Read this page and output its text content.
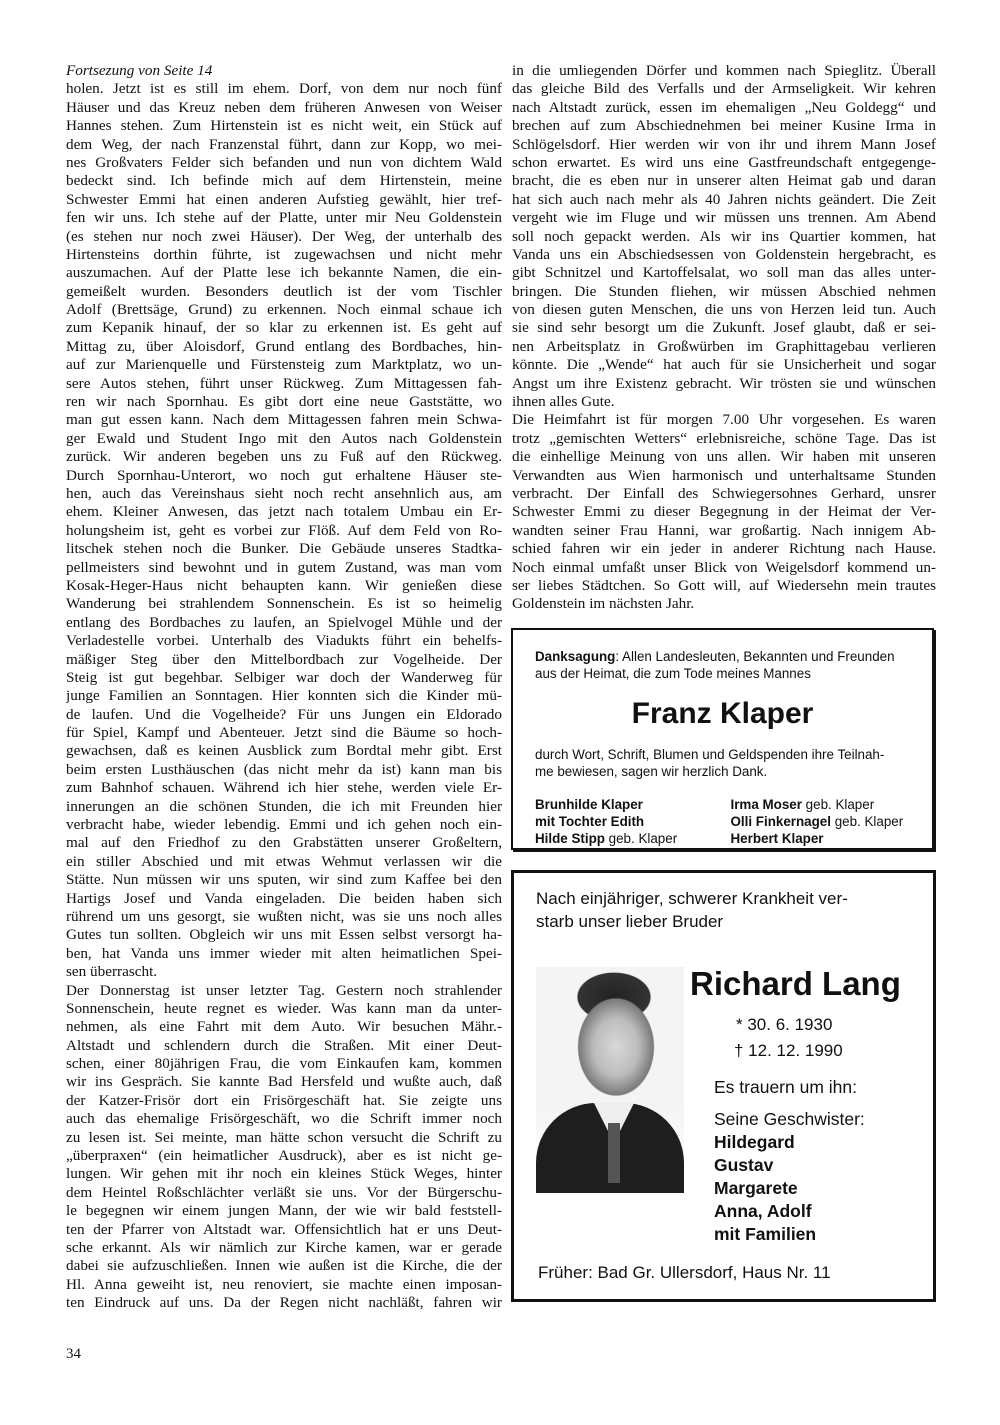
Fortsezung von Seite 14
holen. Jetzt ist es still im ehem. Dorf, von dem nur noch fünf
Häuser und das Kreuz neben dem früheren Anwesen von Weiser
Hannes stehen. Zum Hirtenstein ist es nicht weit, ein Stück auf
dem Weg, der nach Franzenstal führt, dann zur Kopp, wo mei-
nes Großvaters Felder sich befanden und nun von dichtem Wald
bedeckt sind. Ich befinde mich auf dem Hirtenstein, meine
Schwester Emmi hat einen anderen Aufstieg gewählt, hier tref-
fen wir uns. Ich stehe auf der Platte, unter mir Neu Goldenstein
(es stehen nur noch zwei Häuser). Der Weg, der unterhalb des
Hirtensteins dorthin führte, ist zugewachsen und nicht mehr
auszumachen. Auf der Platte lese ich bekannte Namen, die ein-
gemeißelt wurden. Besonders deutlich ist der vom Tischler
Adolf (Brettsäge, Grund) zu erkennen. Noch einmal schaue ich
zum Kepanik hinauf, der so klar zu erkennen ist. Es geht auf
Mittag zu, über Aloisdorf, Grund entlang des Bordbaches, hin-
auf zur Marienquelle und Fürstensteig zum Marktplatz, wo un-
sere Autos stehen, führt unser Rückweg. Zum Mittagessen fah-
ren wir nach Spornhau. Es gibt dort eine neue Gaststätte, wo
man gut essen kann. Nach dem Mittagessen fahren mein Schwa-
ger Ewald und Student Ingo mit den Autos nach Goldenstein
zurück. Wir anderen begeben uns zu Fuß auf den Rückweg.
Durch Spornhau-Unterort, wo noch gut erhaltene Häuser ste-
hen, auch das Vereinshaus sieht noch recht ansehnlich aus, am
ehem. Kleiner Anwesen, das jetzt nach totalem Umbau ein Er-
holungsheim ist, geht es vorbei zur Flöß. Auf dem Feld von Ro-
litschek stehen noch die Bunker. Die Gebäude unseres Stadtka-
pellmeisters sind bewohnt und in gutem Zustand, was man vom
Kosak-Heger-Haus nicht behaupten kann. Wir genießen diese
Wanderung bei strahlendem Sonnenschein. Es ist so heimelig
entlang des Bordbaches zu laufen, an Spielvogel Mühle und der
Verladestelle vorbei. Unterhalb des Viadukts führt ein behelfs-
mäßiger Steg über den Mittelbordbach zur Vogelheide. Der
Steig ist gut begehbar. Selbiger war doch der Wanderweg für
junge Familien an Sonntagen. Hier konnten sich die Kinder mü-
de laufen. Und die Vogelheide? Für uns Jungen ein Eldorado
für Spiel, Kampf und Abenteuer. Jetzt sind die Bäume so hoch-
gewachsen, daß es keinen Ausblick zum Bordtal mehr gibt. Erst
beim ersten Lusthäuschen (das nicht mehr da ist) kann man bis
zum Bahnhof schauen. Während ich hier stehe, werden viele Er-
innerungen an die schönen Stunden, die ich mit Freunden hier
verbracht habe, wieder lebendig. Emmi und ich gehen noch ein-
mal auf den Friedhof zu den Grabstätten unserer Großeltern,
ein stiller Abschied und mit etwas Wehmut verlassen wir die
Stätte. Nun müssen wir uns sputen, wir sind zum Kaffee bei den
Hartigs Josef und Vanda eingeladen. Die beiden haben sich
rührend um uns gesorgt, sie wußten nicht, was sie uns noch alles
Gutes tun sollten. Obgleich wir uns mit Essen selbst versorgt ha-
ben, hat Vanda uns immer wieder mit alten heimatlichen Spei-
sen überrascht.
Der Donnerstag ist unser letzter Tag. Gestern noch strahlender
Sonnenschein, heute regnet es wieder. Was kann man da unter-
nehmen, als eine Fahrt mit dem Auto. Wir besuchen Mähr.-
Altstadt und schlendern durch die Straßen. Mit einer Deut-
schen, einer 80jährigen Frau, die vom Einkaufen kam, kommen
wir ins Gespräch. Sie kannte Bad Hersfeld und wußte auch, daß
der Katzer-Frisör dort ein Frisörgeschäft hat. Sie zeigte uns
auch das ehemalige Frisörgeschäft, wo die Schrift immer noch
zu lesen ist. Sei meinte, man hätte schon versucht die Schrift zu
„überpraxen“ (ein heimatlicher Ausdruck), aber es ist nicht ge-
lungen. Wir gehen mit ihr noch ein kleines Stück Weges, hinter
dem Heintel Roßschlächter verläßt sie uns. Vor der Bürgerschu-
le begegnen wir einem jungen Mann, der wie wir bald feststell-
ten der Pfarrer von Altstadt war. Offensichtlich hat er uns Deut-
sche erkannt. Als wir nämlich zur Kirche kamen, war er gerade
dabei sie aufzuschließen. Innen wie außen ist die Kirche, die der
Hl. Anna geweiht ist, neu renoviert, sie machte einen imposan-
ten Eindruck auf uns. Da der Regen nicht nachläßt, fahren wir
in die umliegenden Dörfer und kommen nach Spieglitz. Überall
das gleiche Bild des Verfalls und der Armseligkeit. Wir kehren
nach Altstadt zurück, essen im ehemaligen „Neu Goldegg“ und
brechen auf zum Abschiednehmen bei meiner Kusine Irma in
Schlögelsdorf. Hier werden wir von ihr und ihrem Mann Josef
schon erwartet. Es wird uns eine Gastfreundschaft entgegenge-
bracht, die es eben nur in unserer alten Heimat gab und daran
hat sich auch nach mehr als 40 Jahren nichts geändert. Die Zeit
vergeht wie im Fluge und wir müssen uns trennen. Am Abend
soll noch gepackt werden. Als wir ins Quartier kommen, hat
Vanda uns ein Abschiedsessen von Goldenstein hergebracht, es
gibt Schnitzel und Kartoffelsalat, wo soll man das alles unter-
bringen. Die Stunden fliehen, wir müssen Abschied nehmen
von diesen guten Menschen, die uns von Herzen leid tun. Auch
sie sind sehr besorgt um die Zukunft. Josef glaubt, daß er sei-
nen Arbeitsplatz in Großwürben im Graphittagebau verlieren
könnte. Die „Wende“ hat auch für sie Unsicherheit und sogar
Angst um ihre Existenz gebracht. Wir trösten sie und wünschen
ihnen alles Gute.
Die Heimfahrt ist für morgen 7.00 Uhr vorgesehen. Es waren
trotz „gemischten Wetters“ erlebnisreiche, schöne Tage. Das ist
die einhellige Meinung von uns allen. Wir haben mit unseren
Verwandten aus Wien harmonisch und unterhaltsame Stunden
verbracht. Der Einfall des Schwiegersohnes Gerhard, unsrer
Schwester Emmi zu dieser Begegnung in der Heimat der Ver-
wandten seiner Frau Hanni, war großartig. Nach innigem Ab-
schied fahren wir ein jeder in anderer Richtung nach Hause.
Noch einmal umfaßt unser Blick von Weigelsdorf kommend un-
ser liebes Städtchen. So Gott will, auf Wiedersehn mein trautes
Goldenstein im nächsten Jahr.
Danksagung: Allen Landesleuten, Bekannten und Freunden
aus der Heimat, die zum Tode meines Mannes
Franz Klaper
durch Wort, Schrift, Blumen und Geldspenden ihre Teilnah-
me bewiesen, sagen wir herzlich Dank.
Brunhilde Klaper
mit Tochter Edith
Hilde Stipp geb. Klaper
Irma Moser geb. Klaper
Olli Finkernagel geb. Klaper
Herbert Klaper
Nach einjähriger, schwerer Krankheit ver-
starb unser lieber Bruder
Richard Lang
* 30. 6. 1930
† 12. 12. 1990
Es trauern um ihn:
Seine Geschwister:
Hildegard
Gustav
Margarete
Anna, Adolf
mit Familien
Früher: Bad Gr. Ullersdorf, Haus Nr. 11
34
